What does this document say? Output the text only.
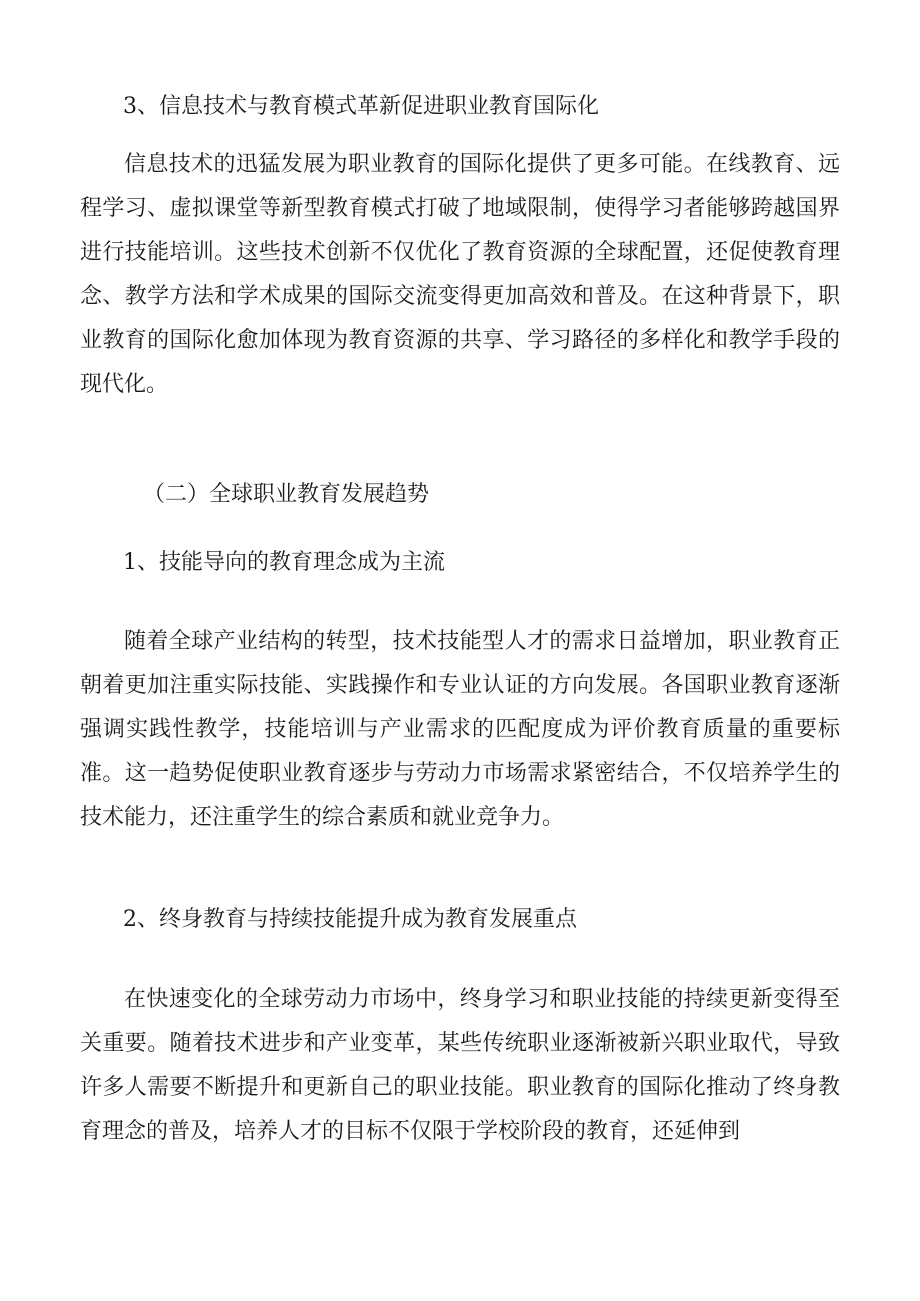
3、信息技术与教育模式革新促进职业教育国际化
信息技术的迅猛发展为职业教育的国际化提供了更多可能。在线教育、远程学习、虚拟课堂等新型教育模式打破了地域限制，使得学习者能够跨越国界进行技能培训。这些技术创新不仅优化了教育资源的全球配置，还促使教育理念、教学方法和学术成果的国际交流变得更加高效和普及。在这种背景下，职业教育的国际化愈加体现为教育资源的共享、学习路径的多样化和教学手段的现代化。
（二）全球职业教育发展趋势
1、技能导向的教育理念成为主流
随着全球产业结构的转型，技术技能型人才的需求日益增加，职业教育正朝着更加注重实际技能、实践操作和专业认证的方向发展。各国职业教育逐渐强调实践性教学，技能培训与产业需求的匹配度成为评价教育质量的重要标准。这一趋势促使职业教育逐步与劳动力市场需求紧密结合，不仅培养学生的技术能力，还注重学生的综合素质和就业竞争力。
2、终身教育与持续技能提升成为教育发展重点
在快速变化的全球劳动力市场中，终身学习和职业技能的持续更新变得至关重要。随着技术进步和产业变革，某些传统职业逐渐被新兴职业取代，导致许多人需要不断提升和更新自己的职业技能。职业教育的国际化推动了终身教育理念的普及，培养人才的目标不仅限于学校阶段的教育，还延伸到
